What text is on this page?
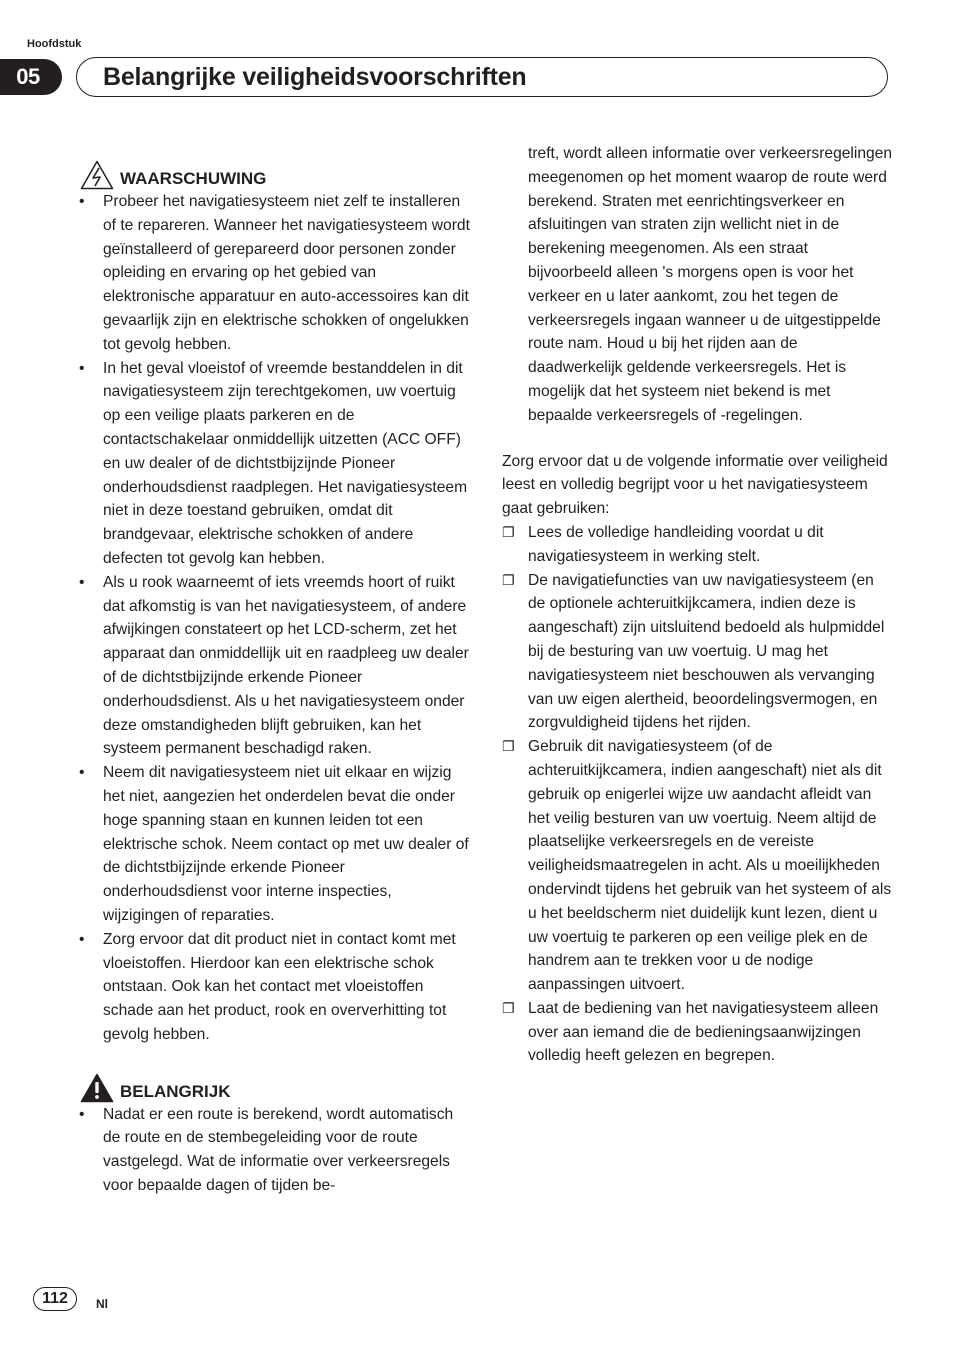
Hoofdstuk
05	Belangrijke veiligheidsvoorschriften
WAARSCHUWING
• Probeer het navigatiesysteem niet zelf te installeren of te repareren. Wanneer het navigatiesysteem wordt geïnstalleerd of gerepareerd door personen zonder opleiding en ervaring op het gebied van elektronische apparatuur en auto-accessoires kan dit gevaarlijk zijn en elektrische schokken of ongelukken tot gevolg hebben.
• In het geval vloeistof of vreemde bestanddelen in dit navigatiesysteem zijn terechtgekomen, uw voertuig op een veilige plaats parkeren en de contactschakelaar onmiddellijk uitzetten (ACC OFF) en uw dealer of de dichtstbijzijnde Pioneer onderhoudsdienst raadplegen. Het navigatiesysteem niet in deze toestand gebruiken, omdat dit brandgevaar, elektrische schokken of andere defecten tot gevolg kan hebben.
• Als u rook waarneemt of iets vreemds hoort of ruikt dat afkomstig is van het navigatiesysteem, of andere afwijkingen constateert op het LCD-scherm, zet het apparaat dan onmiddellijk uit en raadpleeg uw dealer of de dichtstbijzijnde erkende Pioneer onderhoudsdienst. Als u het navigatiesysteem onder deze omstandigheden blijft gebruiken, kan het systeem permanent beschadigd raken.
• Neem dit navigatiesysteem niet uit elkaar en wijzig het niet, aangezien het onderdelen bevat die onder hoge spanning staan en kunnen leiden tot een elektrische schok. Neem contact op met uw dealer of de dichtstbijzijnde erkende Pioneer onderhoudsdienst voor interne inspecties, wijzigingen of reparaties.
• Zorg ervoor dat dit product niet in contact komt met vloeistoffen. Hierdoor kan een elektrische schok ontstaan. Ook kan het contact met vloeistoffen schade aan het product, rook en oververhitting tot gevolg hebben.
BELANGRIJK
• Nadat er een route is berekend, wordt automatisch de route en de stembegeleiding voor de route vastgelegd. Wat de informatie over verkeersregels voor bepaalde dagen of tijden be-
treft, wordt alleen informatie over verkeersregelingen meegenomen op het moment waarop de route werd berekend. Straten met eenrichtingsverkeer en afsluitingen van straten zijn wellicht niet in de berekening meegenomen. Als een straat bijvoorbeeld alleen 's morgens open is voor het verkeer en u later aankomt, zou het tegen de verkeersregels ingaan wanneer u de uitgestippelde route nam. Houd u bij het rijden aan de daadwerkelijk geldende verkeersregels. Het is mogelijk dat het systeem niet bekend is met bepaalde verkeersregels of -regelingen.
Zorg ervoor dat u de volgende informatie over veiligheid leest en volledig begrijpt voor u het navigatiesysteem gaat gebruiken:
❐ Lees de volledige handleiding voordat u dit navigatiesysteem in werking stelt.
❐ De navigatiefuncties van uw navigatiesysteem (en de optionele achteruitkijkcamera, indien deze is aangeschaft) zijn uitsluitend bedoeld als hulpmiddel bij de besturing van uw voertuig. U mag het navigatiesysteem niet beschouwen als vervanging van uw eigen alertheid, beoordelingsvermogen, en zorgvuldigheid tijdens het rijden.
❐ Gebruik dit navigatiesysteem (of de achteruitkijkcamera, indien aangeschaft) niet als dit gebruik op enigerlei wijze uw aandacht afleidt van het veilig besturen van uw voertuig. Neem altijd de plaatselijke verkeersregels en de vereiste veiligheidsmaatregelen in acht. Als u moeilijkheden ondervindt tijdens het gebruik van het systeem of als u het beeldscherm niet duidelijk kunt lezen, dient u uw voertuig te parkeren op een veilige plek en de handrem aan te trekken voor u de nodige aanpassingen uitvoert.
❐ Laat de bediening van het navigatiesysteem alleen over aan iemand die de bedieningsaanwijzingen volledig heeft gelezen en begrepen.
112	Nl
